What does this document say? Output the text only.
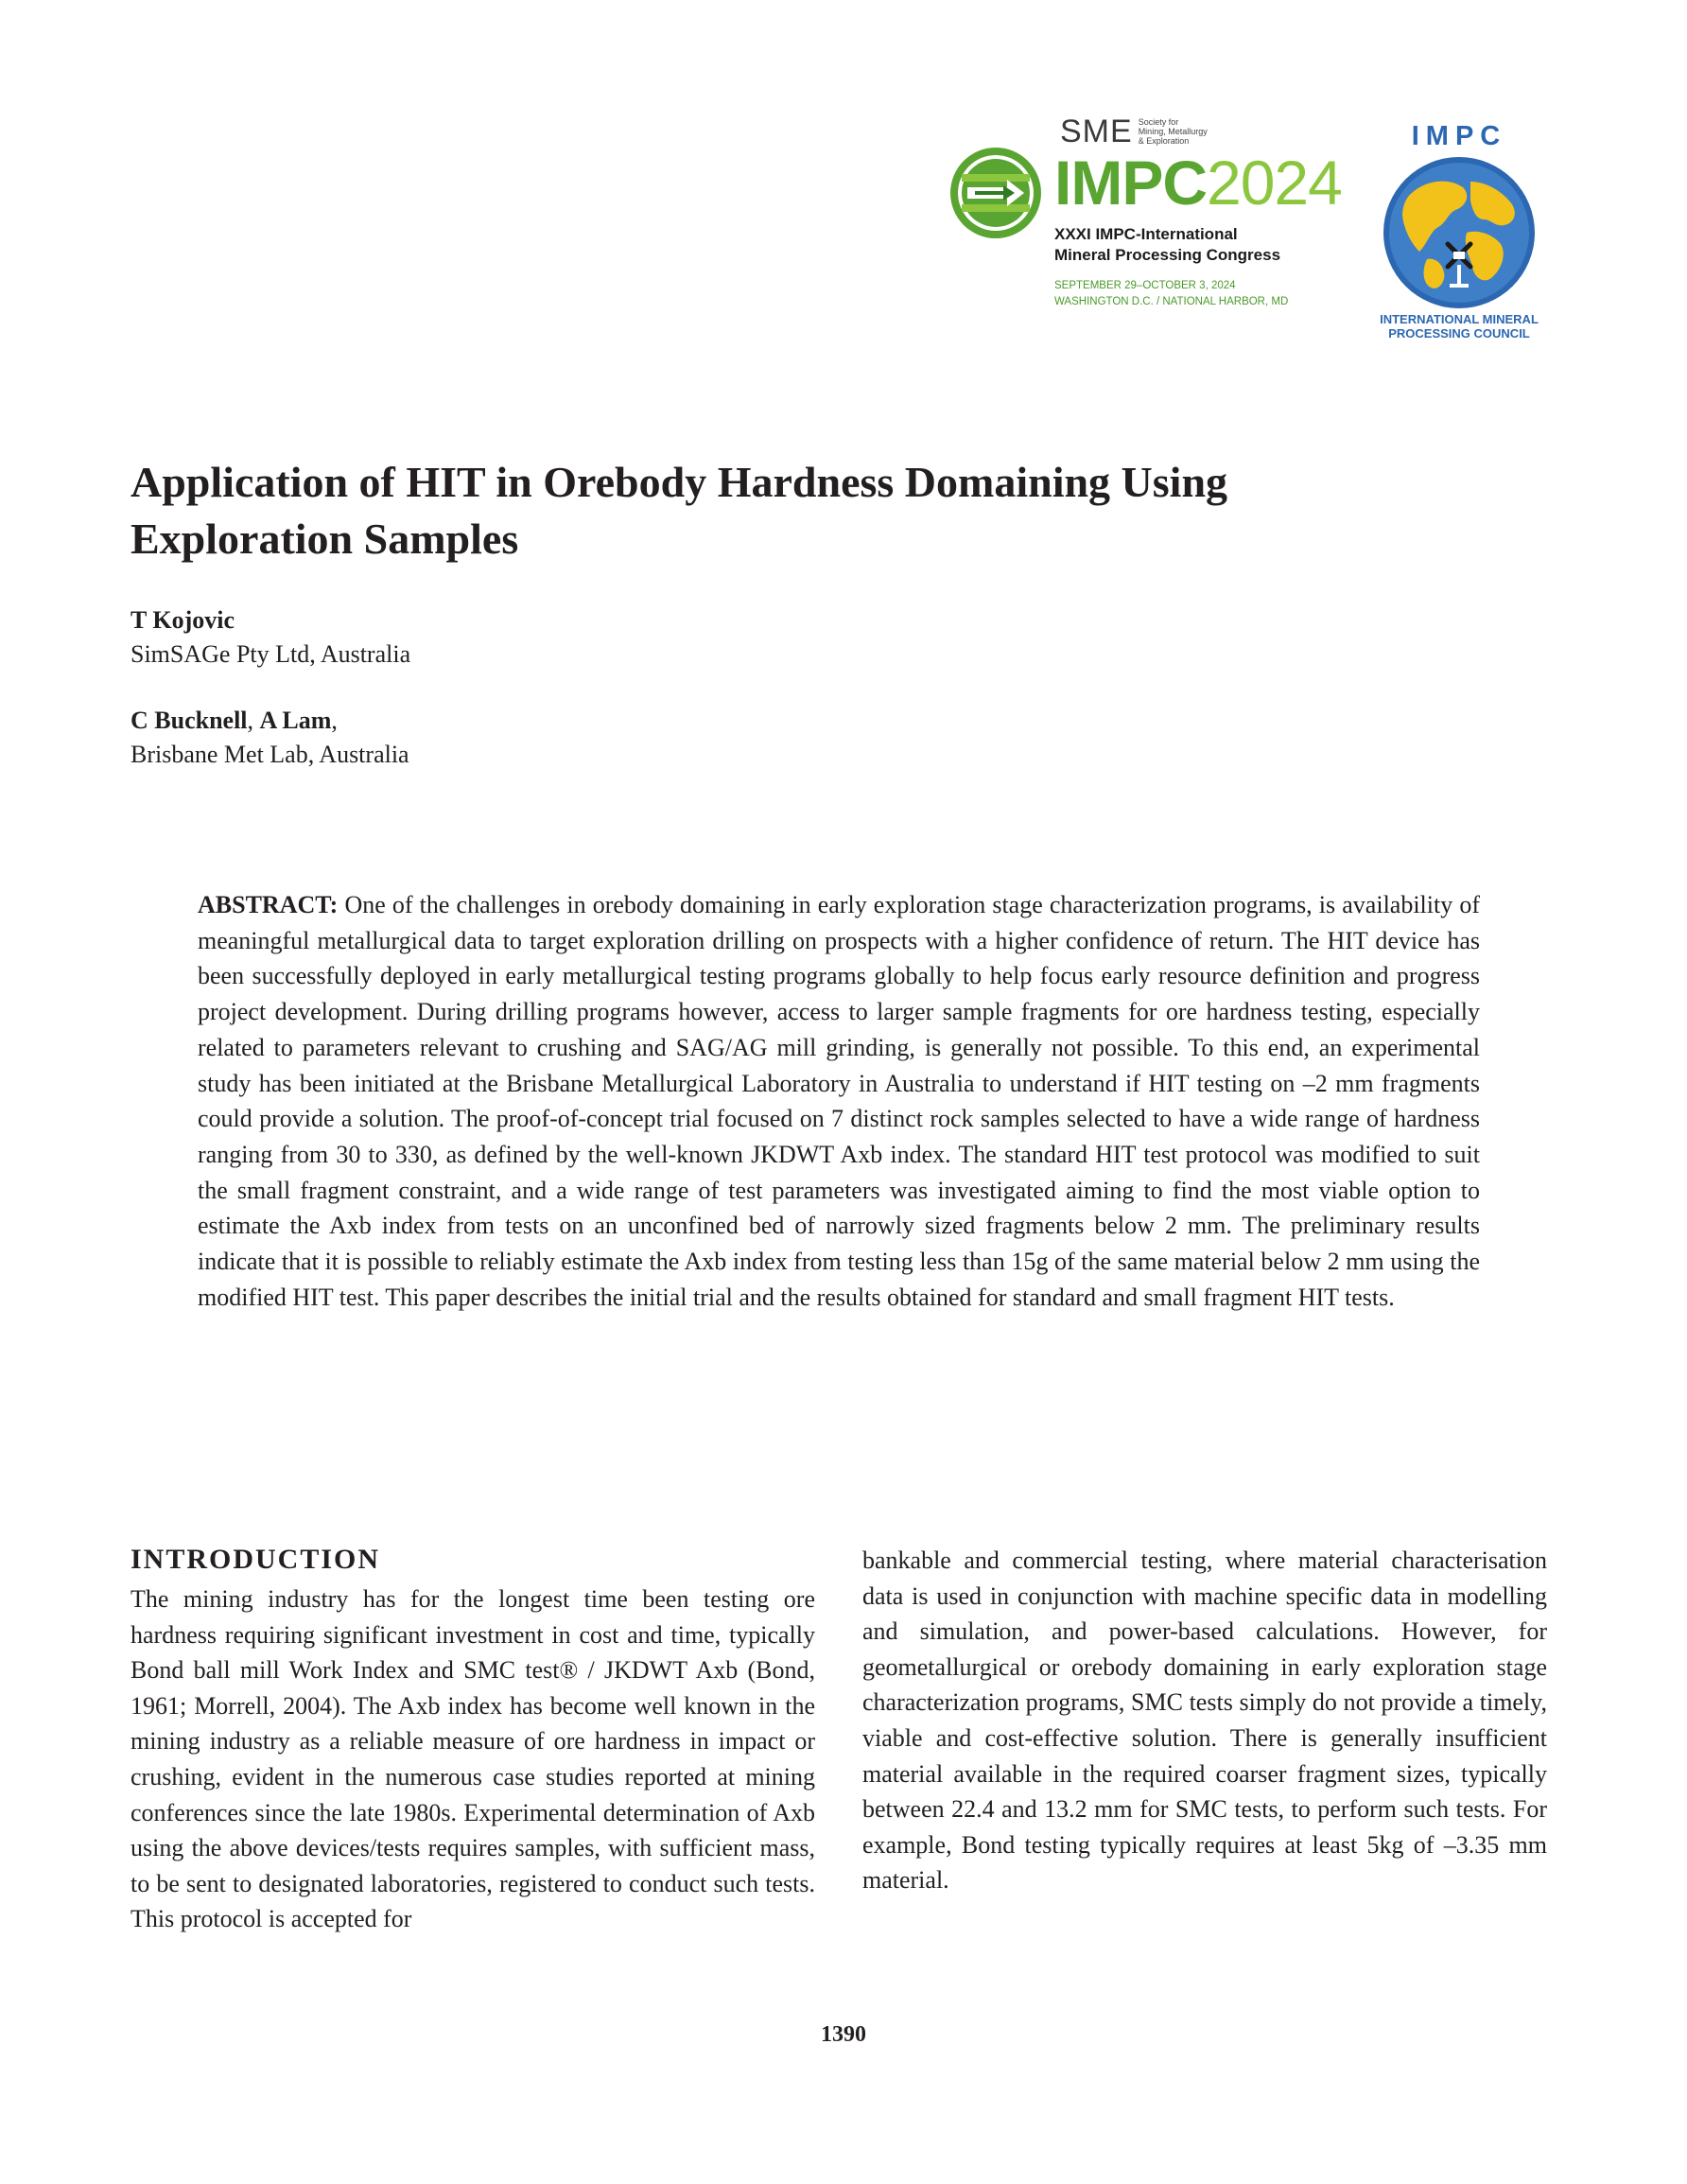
SME Society for
Mining, Metallurgy
& Exploration
IMPC2024
XXXI IMPC-International
Mineral Processing Congress
SEPTEMBER 29–OCTOBER 3, 2024
WASHINGTON D.C. / NATIONAL HARBOR, MD
IMPC
INTERNATIONAL MINERAL
PROCESSING COUNCIL
Application of HIT in Orebody Hardness Domaining Using Exploration Samples
T Kojovic
SimSAGe Pty Ltd, Australia
C Bucknell, A Lam,
Brisbane Met Lab, Australia

ABSTRACT: One of the challenges in orebody domaining in early exploration stage characterization programs, is availability of meaningful metallurgical data to target exploration drilling on prospects with a higher confidence of return. The HIT device has been successfully deployed in early metallurgical testing programs globally to help focus early resource definition and progress project development. During drilling programs however, access to larger sample fragments for ore hardness testing, especially related to parameters relevant to crushing and SAG/AG mill grinding, is generally not possible. To this end, an experimental study has been initiated at the Brisbane Metallurgical Laboratory in Australia to understand if HIT testing on –2 mm fragments could provide a solution. The proof-of-concept trial focused on 7 distinct rock samples selected to have a wide range of hardness ranging from 30 to 330, as defined by the well-known JKDWT Axb index. The standard HIT test protocol was modified to suit the small fragment constraint, and a wide range of test parameters was investigated aiming to find the most viable option to estimate the Axb index from tests on an unconfined bed of narrowly sized fragments below 2 mm. The preliminary results indicate that it is possible to reliably estimate the Axb index from testing less than 15g of the same material below 2 mm using the modified HIT test. This paper describes the initial trial and the results obtained for standard and small fragment HIT tests.

INTRODUCTION

The mining industry has for the longest time been testing ore hardness requiring significant investment in cost and time, typically Bond ball mill Work Index and SMC test® / JKDWT Axb (Bond, 1961; Morrell, 2004). The Axb index has become well known in the mining industry as a reliable measure of ore hardness in impact or crushing, evident in the numerous case studies reported at mining conferences since the late 1980s. Experimental determination of Axb using the above devices/tests requires samples, with sufficient mass, to be sent to designated laboratories, registered to conduct such tests. This protocol is accepted for

bankable and commercial testing, where material characterisation data is used in conjunction with machine specific data in modelling and simulation, and power-based calculations. However, for geometallurgical or orebody domaining in early exploration stage characterization programs, SMC tests simply do not provide a timely, viable and cost-effective solution. There is generally insufficient material available in the required coarser fragment sizes, typically between 22.4 and 13.2 mm for SMC tests, to perform such tests. For example, Bond testing typically requires at least 5kg of –3.35 mm material.

1390
